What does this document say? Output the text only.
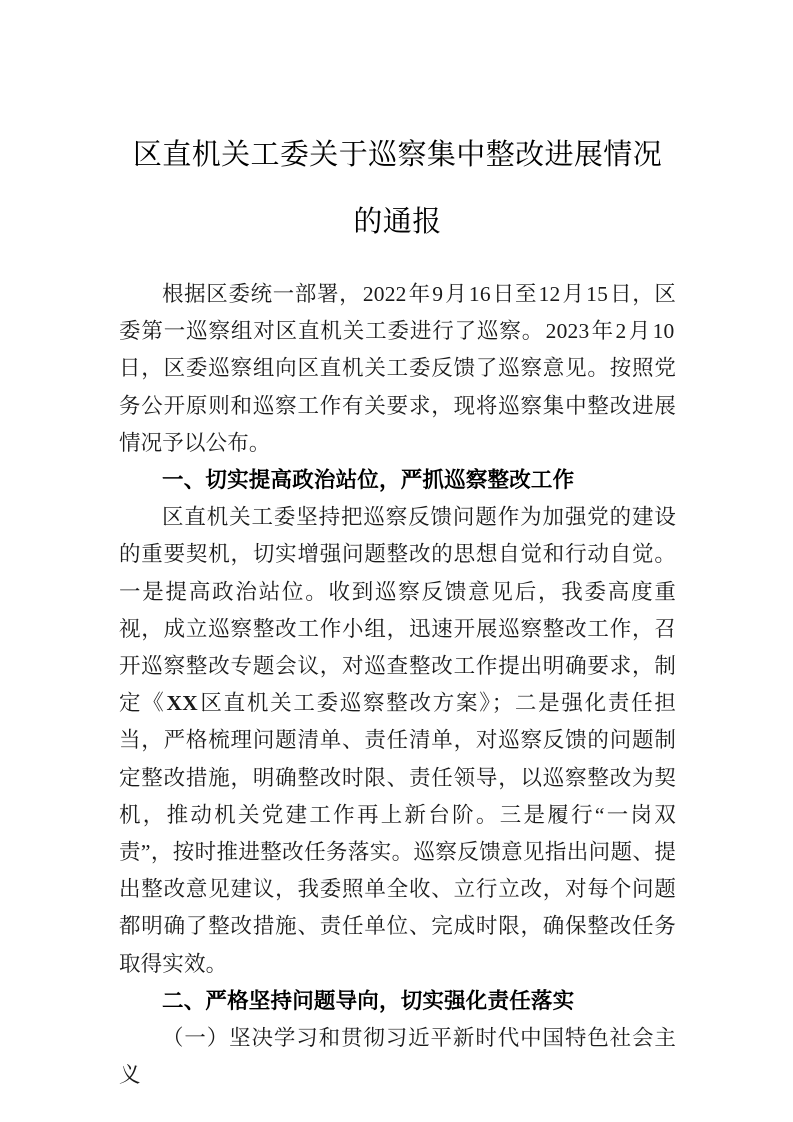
区直机关工委关于巡察集中整改进展情况
的通报

根据区委统一部署，2022年9月16日至12月15日，区委第一巡察组对区直机关工委进行了巡察。2023年2月10日，区委巡察组向区直机关工委反馈了巡察意见。按照党务公开原则和巡察工作有关要求，现将巡察集中整改进展情况予以公布。

一、切实提高政治站位，严抓巡察整改工作

区直机关工委坚持把巡察反馈问题作为加强党的建设的重要契机，切实增强问题整改的思想自觉和行动自觉。一是提高政治站位。收到巡察反馈意见后，我委高度重视，成立巡察整改工作小组，迅速开展巡察整改工作，召开巡察整改专题会议，对巡查整改工作提出明确要求，制定《XX区直机关工委巡察整改方案》；二是强化责任担当，严格梳理问题清单、责任清单，对巡察反馈的问题制定整改措施，明确整改时限、责任领导，以巡察整改为契机，推动机关党建工作再上新台阶。三是履行“一岗双责”，按时推进整改任务落实。巡察反馈意见指出问题、提出整改意见建议，我委照单全收、立行立改，对每个问题都明确了整改措施、责任单位、完成时限，确保整改任务取得实效。

二、严格坚持问题导向，切实强化责任落实

（一）坚决学习和贯彻习近平新时代中国特色社会主义
